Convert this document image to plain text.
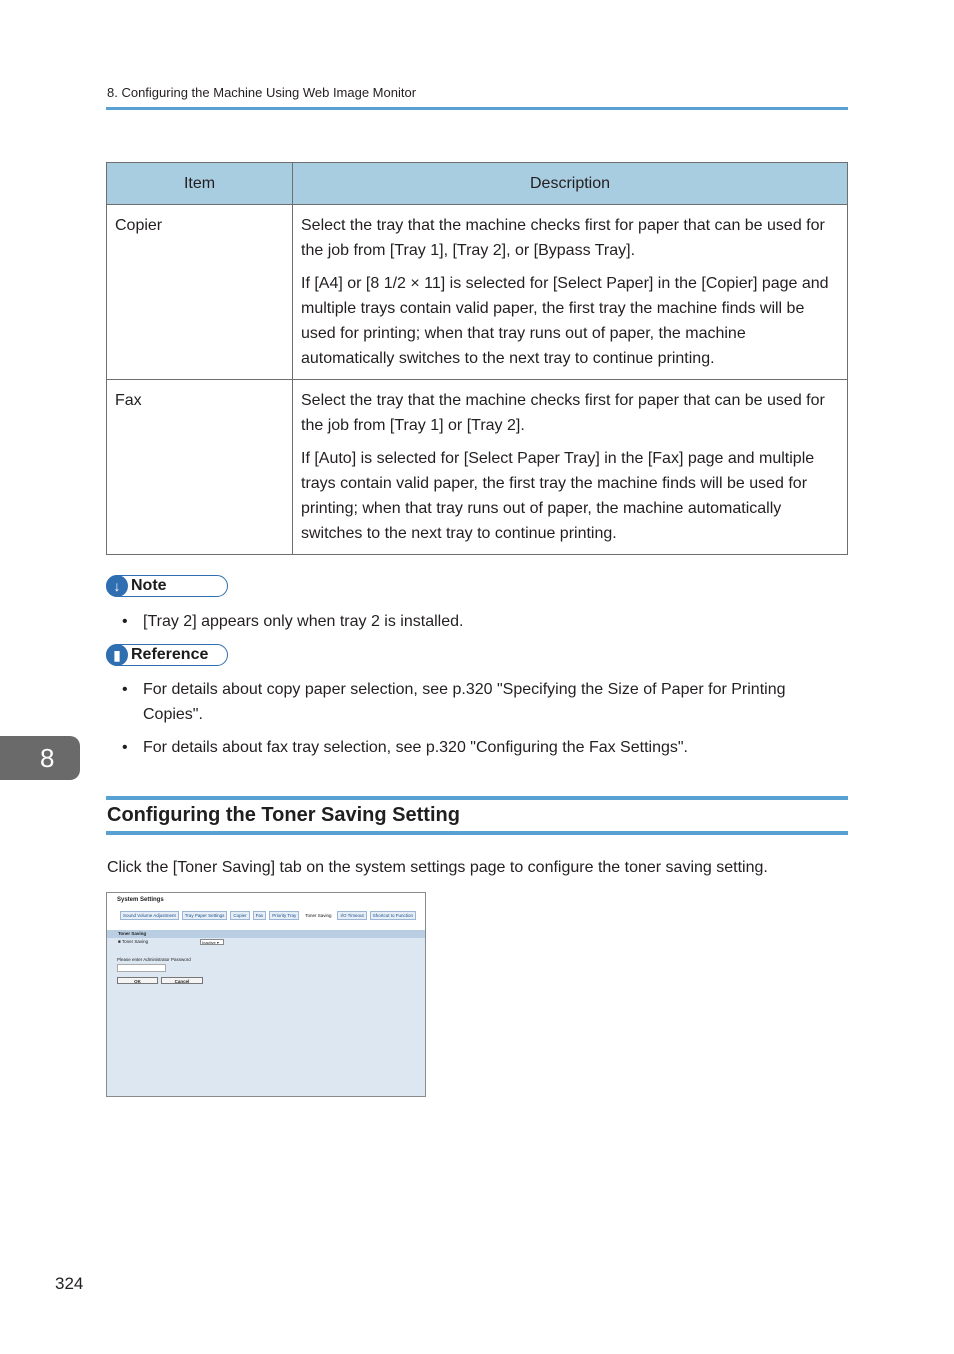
8. Configuring the Machine Using Web Image Monitor
Item	Description
Copier	Select the tray that the machine checks first for paper that can be used for the job from [Tray 1], [Tray 2], or [Bypass Tray].

If [A4] or [8 1/2 × 11] is selected for [Select Paper] in the [Copier] page and multiple trays contain valid paper, the first tray the machine finds will be used for printing; when that tray runs out of paper, the machine automatically switches to the next tray to continue printing.

Fax	Select the tray that the machine checks first for paper that can be used for the job from [Tray 1] or [Tray 2].

If [Auto] is selected for [Select Paper Tray] in the [Fax] page and multiple trays contain valid paper, the first tray the machine finds will be used for printing; when that tray runs out of paper, the machine automatically switches to the next tray to continue printing.

↓ Note
• [Tray 2] appears only when tray 2 is installed.
▮ Reference
• For details about copy paper selection, see p.320 "Specifying the Size of Paper for Printing Copies".
• For details about fax tray selection, see p.320 "Configuring the Fax Settings".
8
Configuring the Toner Saving Setting
Click the [Toner Saving] tab on the system settings page to configure the toner saving setting.
System Settings
Sound Volume Adjustment	Tray Paper Settings	Copier	Fax	Priority Tray	Toner Saving	I/O Timeout	Shortcut to Function
Toner Saving
■ Toner Saving	Inactive ▾
Please enter Administrator Password
OK	Cancel
324
